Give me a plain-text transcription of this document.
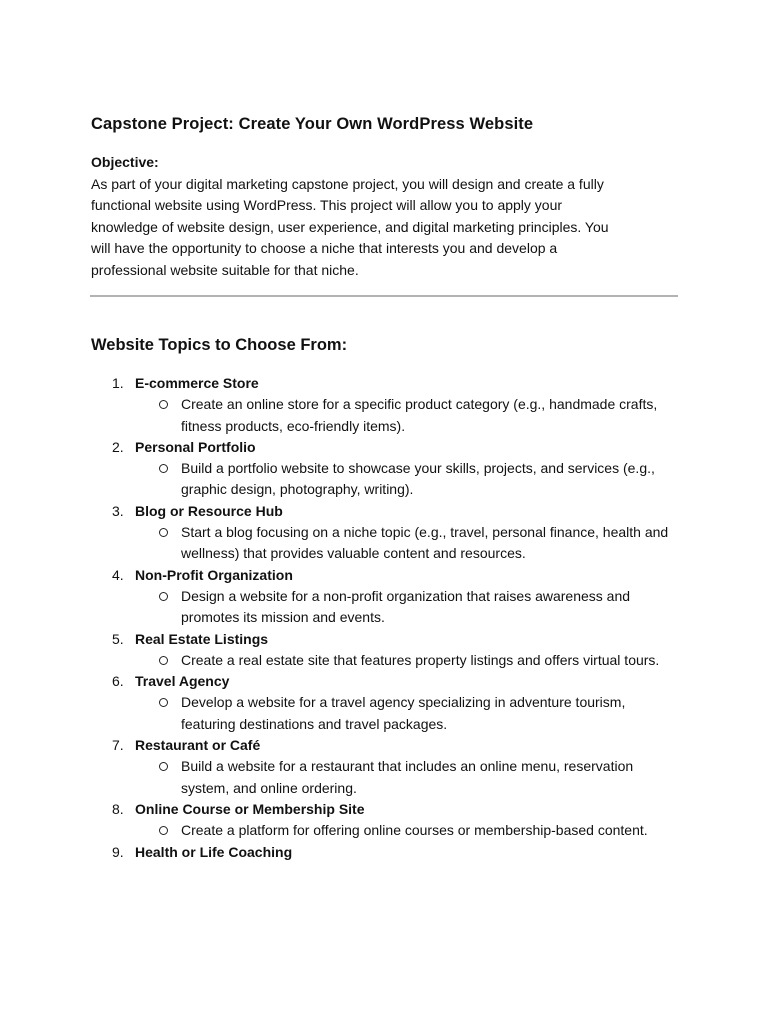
Capstone Project: Create Your Own WordPress Website
Objective:
As part of your digital marketing capstone project, you will design and create a fully
functional website using WordPress. This project will allow you to apply your
knowledge of website design, user experience, and digital marketing principles. You
will have the opportunity to choose a niche that interests you and develop a
professional website suitable for that niche.
Website Topics to Choose From:
1. E-commerce Store
Create an online store for a specific product category (e.g., handmade crafts, fitness products, eco-friendly items).
2. Personal Portfolio
Build a portfolio website to showcase your skills, projects, and services (e.g., graphic design, photography, writing).
3. Blog or Resource Hub
Start a blog focusing on a niche topic (e.g., travel, personal finance, health and wellness) that provides valuable content and resources.
4. Non-Profit Organization
Design a website for a non-profit organization that raises awareness and promotes its mission and events.
5. Real Estate Listings
Create a real estate site that features property listings and offers virtual tours.
6. Travel Agency
Develop a website for a travel agency specializing in adventure tourism, featuring destinations and travel packages.
7. Restaurant or Café
Build a website for a restaurant that includes an online menu, reservation system, and online ordering.
8. Online Course or Membership Site
Create a platform for offering online courses or membership-based content.
9. Health or Life Coaching
